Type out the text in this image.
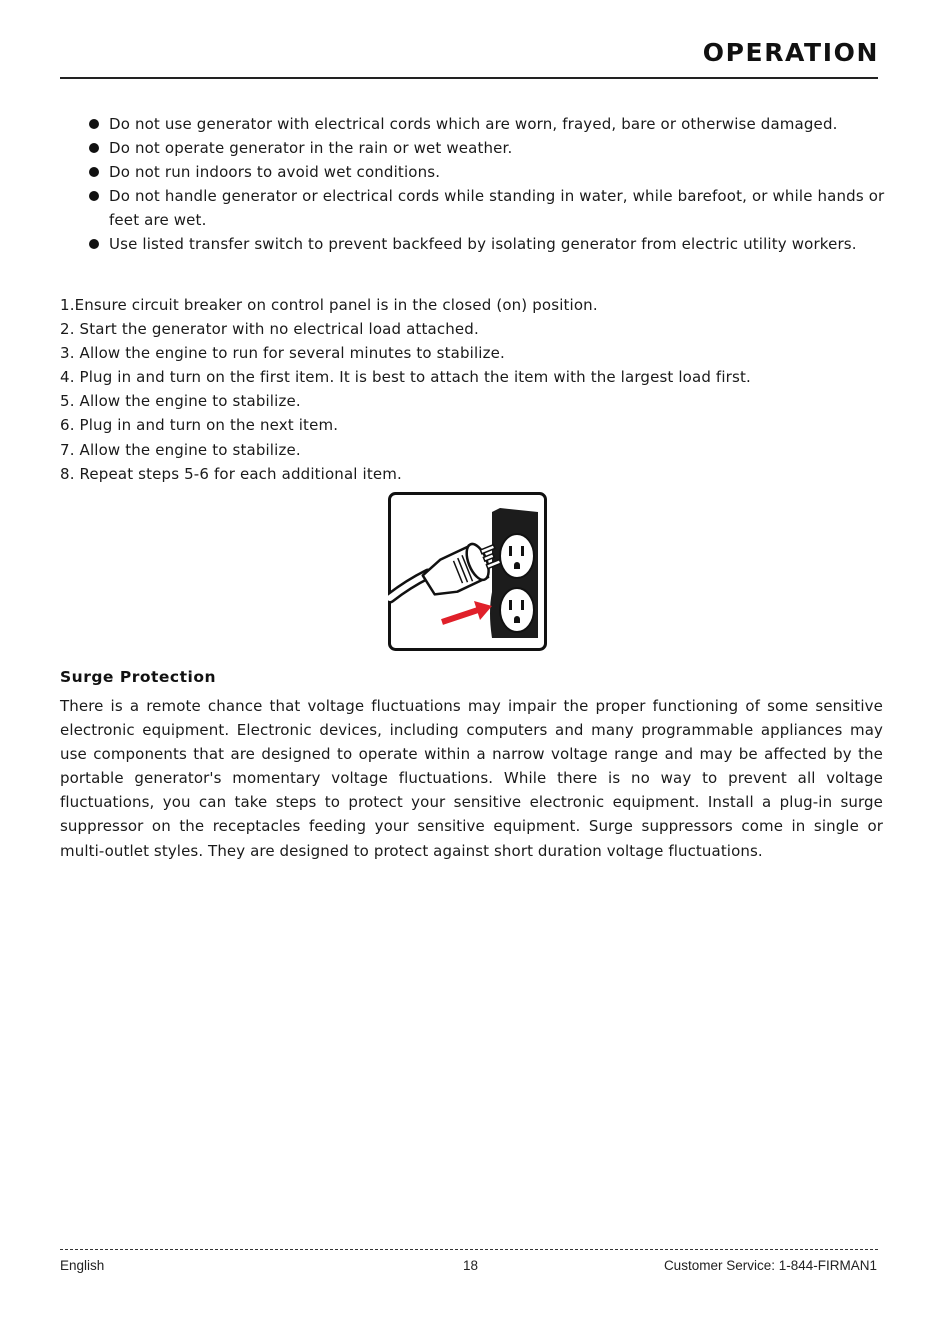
OPERATION
Do not use generator with electrical cords which are worn, frayed, bare or otherwise damaged.
Do not operate generator in the rain or wet weather.
Do not run indoors to avoid wet conditions.
Do not handle generator or electrical cords while standing in water, while barefoot, or while hands or feet are wet.
Use listed transfer switch to prevent backfeed by isolating generator from electric utility workers.
1.Ensure circuit breaker on control panel is in the closed (on) position.
2. Start the generator with no electrical load attached.
3. Allow the engine to run for several minutes to stabilize.
4. Plug in and turn on the first item. It is best to attach the item with the largest load first.
5. Allow the engine to stabilize.
6. Plug in and turn on the next item.
7. Allow the engine to stabilize.
8. Repeat steps 5-6 for each additional item.
Surge Protection
There is a remote chance that voltage fluctuations may impair the proper functioning of some sensitive electronic equipment. Electronic devices, including computers and many programmable appliances may use components that are designed to operate within a narrow voltage range and may be affected by the portable generator's momentary voltage fluctuations. While there is no way to prevent all voltage fluctuations, you can take steps to protect your sensitive electronic equipment. Install a plug-in surge suppressor on the receptacles feeding your sensitive equipment. Surge suppressors come in single or multi-outlet styles. They are designed to protect against short duration voltage fluctuations.
English	18	Customer Service: 1-844-FIRMAN1
